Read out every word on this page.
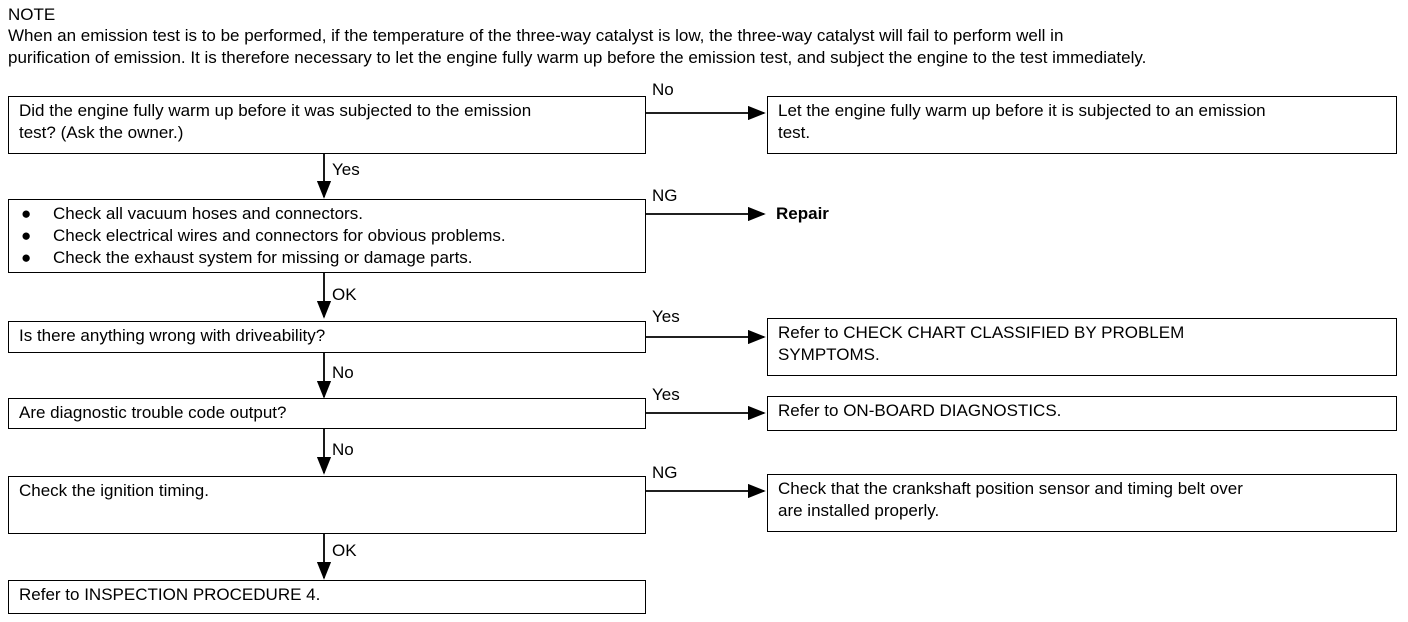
NOTE
When an emission test is to be performed, if the temperature of the three-way catalyst is low, the three-way catalyst will fail to perform well in
purification of emission. It is therefore necessary to let the engine fully warm up before the emission test, and subject the engine to the test immediately.
Did the engine fully warm up before it was subjected to the emission
test? (Ask the owner.)
No
Let the engine fully warm up before it is subjected to an emission
test.
Yes
● Check all vacuum hoses and connectors.
● Check electrical wires and connectors for obvious problems.
● Check the exhaust system for missing or damage parts.
NG
Repair
OK
Is there anything wrong with driveability?
Yes
Refer to CHECK CHART CLASSIFIED BY PROBLEM
SYMPTOMS.
No
Are diagnostic trouble code output?
Yes
Refer to ON-BOARD DIAGNOSTICS.
No
Check the ignition timing.
NG
Check that the crankshaft position sensor and timing belt over
are installed properly.
OK
Refer to INSPECTION PROCEDURE 4.
